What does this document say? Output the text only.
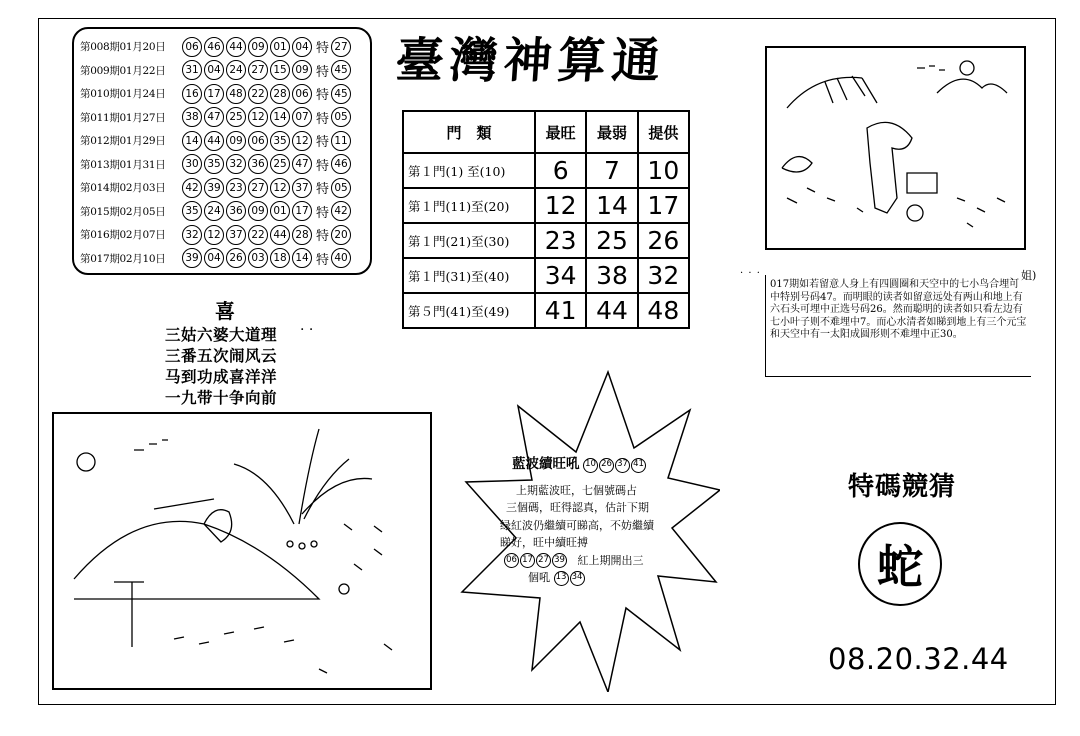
第008期01月20日	06 46 44 09 01 04 特 27
第009期01月22日	31 04 24 27 15 09 特 45
第010期01月24日	16 17 48 22 28 06 特 45
第011期01月27日	38 47 25 12 14 07 特 05
第012期01月29日	14 44 09 06 35 12 特 11
第013期01月31日	30 35 32 36 25 47 特 46
第014期02月03日	42 39 23 27 12 37 特 05
第015期02月05日	35 24 36 09 01 17 特 42
第016期02月07日	32 12 37 22 44 28 特 20
第017期02月10日	39 04 26 03 18 14 特 40
喜
三姑六婆大道理
三番五次闹风云
马到功成喜洋洋
一九带十争向前
· ·
臺灣神算通
門　類	最旺	最弱	提供
第１門(1) 至(10)	6	7	10
第１門(11)至(20)	12	14	17
第１門(21)至(30)	23	25	26
第１門(31)至(40)	34	38	32
第５門(41)至(49)	41	44	48
· · ·	、姐)
017期如若留意人身上有四圓圈和天空中的七小鸟合埋可中特别号码47。而明眼的读者如留意远处有两山和地上有六石头可埋中正选号码26。然而聪明的读者如只看左边有七小叶子则不难埋中7。而心水清者如睇到地上有三个元宝和天空中有一太阳成圆形则不难埋中正30。
藍波續旺吼 10 26 37 41
上期藍波旺，七個號碼占
三個碼，旺得認真，估計下期
绿紅波仍繼續可睇高，不妨繼續
睇好，旺中續旺搏
06 17 27 39 紅上期開出三
個吼 13 34
特碼競猜
蛇
08.20.32.44
